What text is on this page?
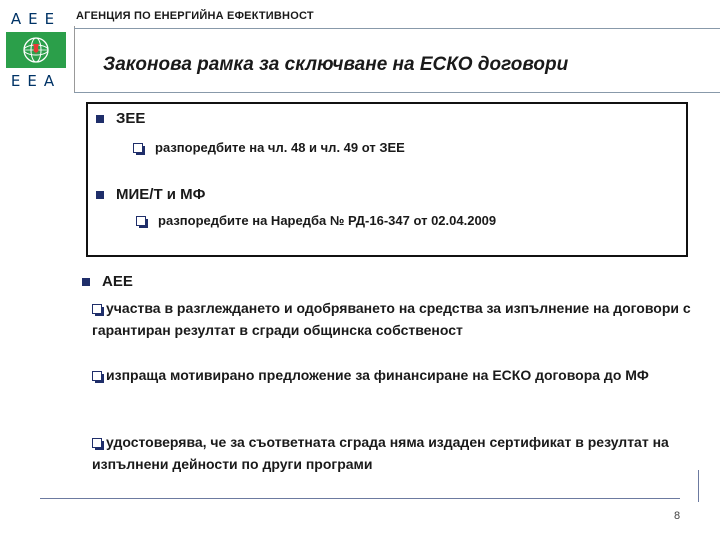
AEE
EEA
АГЕНЦИЯ ПО ЕНЕРГИЙНА ЕФЕКТИВНОСТ
Законова рамка за сключване на ЕСКО договори
ЗЕЕ
разпоредбите на чл. 48 и чл. 49 от ЗЕЕ
МИЕ/Т и МФ
разпоредбите на Наредба № РД-16-347 от 02.04.2009
АЕЕ
участва в разглеждането и одобряването на средства за изпълнение на договори с гарантиран резултат в сгради общинска собственост
изпраща мотивирано предложение за финансиране на ЕСКО договора до МФ
удостоверява, че за съответната сграда няма издаден сертификат в резултат на изпълнени дейности по други програми
8
